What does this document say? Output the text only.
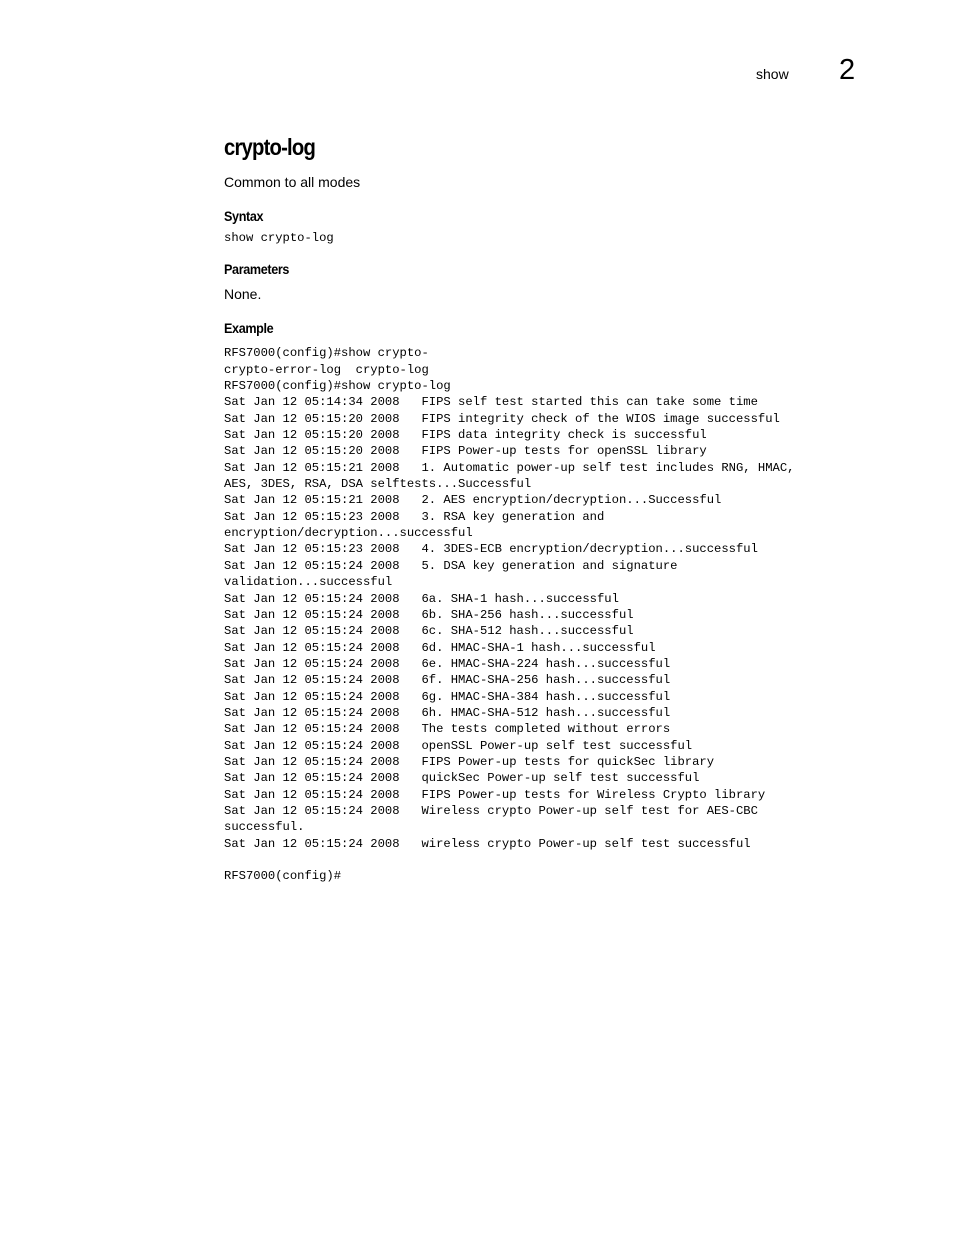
show 2
crypto-log

Common to all modes

Syntax
show crypto-log
Parameters

None.

Example
RFS7000(config)#show crypto-
crypto-error-log  crypto-log
RFS7000(config)#show crypto-log
Sat Jan 12 05:14:34 2008   FIPS self test started this can take some time
Sat Jan 12 05:15:20 2008   FIPS integrity check of the WIOS image successful
Sat Jan 12 05:15:20 2008   FIPS data integrity check is successful
Sat Jan 12 05:15:20 2008   FIPS Power-up tests for openSSL library
Sat Jan 12 05:15:21 2008   1. Automatic power-up self test includes RNG, HMAC,
AES, 3DES, RSA, DSA selftests...Successful
Sat Jan 12 05:15:21 2008   2. AES encryption/decryption...Successful
Sat Jan 12 05:15:23 2008   3. RSA key generation and
encryption/decryption...successful
Sat Jan 12 05:15:23 2008   4. 3DES-ECB encryption/decryption...successful
Sat Jan 12 05:15:24 2008   5. DSA key generation and signature
validation...successful
Sat Jan 12 05:15:24 2008   6a. SHA-1 hash...successful
Sat Jan 12 05:15:24 2008   6b. SHA-256 hash...successful
Sat Jan 12 05:15:24 2008   6c. SHA-512 hash...successful
Sat Jan 12 05:15:24 2008   6d. HMAC-SHA-1 hash...successful
Sat Jan 12 05:15:24 2008   6e. HMAC-SHA-224 hash...successful
Sat Jan 12 05:15:24 2008   6f. HMAC-SHA-256 hash...successful
Sat Jan 12 05:15:24 2008   6g. HMAC-SHA-384 hash...successful
Sat Jan 12 05:15:24 2008   6h. HMAC-SHA-512 hash...successful
Sat Jan 12 05:15:24 2008   The tests completed without errors
Sat Jan 12 05:15:24 2008   openSSL Power-up self test successful
Sat Jan 12 05:15:24 2008   FIPS Power-up tests for quickSec library
Sat Jan 12 05:15:24 2008   quickSec Power-up self test successful
Sat Jan 12 05:15:24 2008   FIPS Power-up tests for Wireless Crypto library
Sat Jan 12 05:15:24 2008   Wireless crypto Power-up self test for AES-CBC
successful.
Sat Jan 12 05:15:24 2008   wireless crypto Power-up self test successful

RFS7000(config)#
